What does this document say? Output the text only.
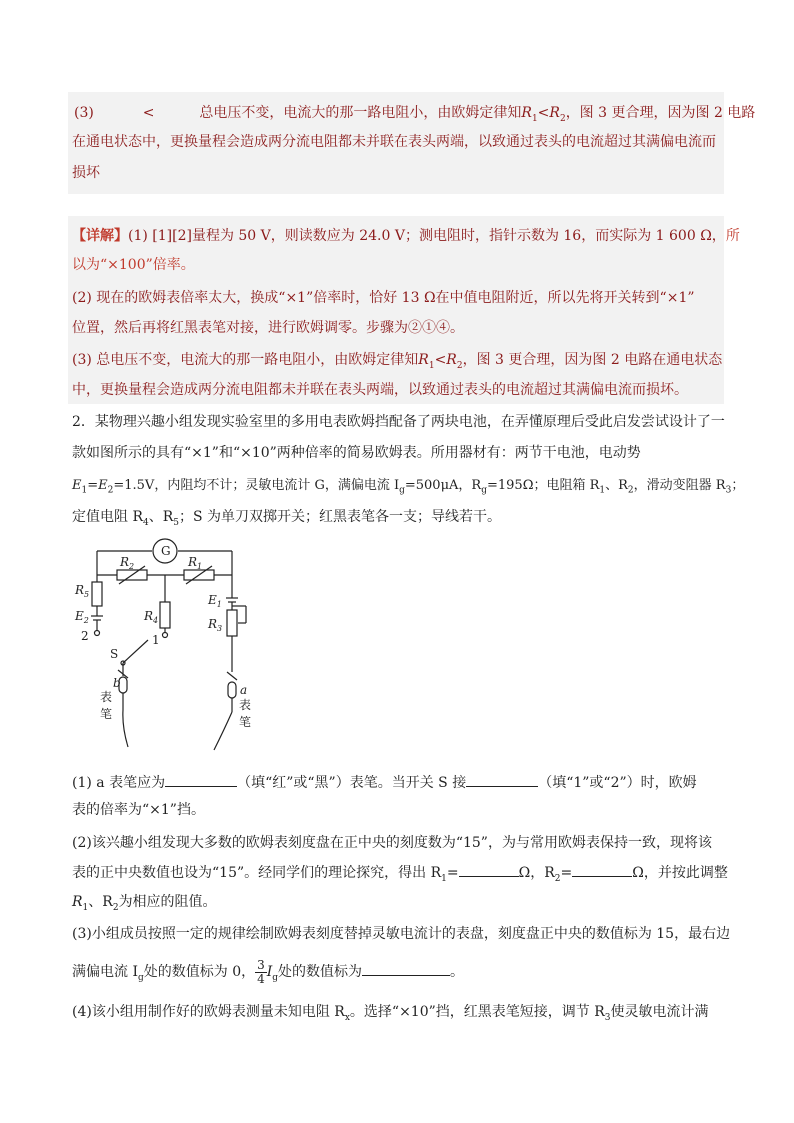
(3)	<	总电压不变，电流大的那一路电阻小，由欧姆定律知$R_1<R_2$，图 3 更合理，因为图 2 电路
在通电状态中，更换量程会造成两分流电阻都未并联在表头两端，以致通过表头的电流超过其满偏电流而
损坏
【详解】(1) [1][2]量程为 50 V，则读数应为 24.0 V；测电阻时，指针示数为 16，而实际为 1 600 Ω，所
以为“×100”倍率。
(2) 现在的欧姆表倍率太大，换成“×1”倍率时，恰好 13 Ω在中值电阻附近，所以先将开关转到“×1”
位置，然后再将红黑表笔对接，进行欧姆调零。步骤为②①④。
(3) 总电压不变，电流大的那一路电阻小，由欧姆定律知$R_1<R_2$，图 3 更合理，因为图 2 电路在通电状态
中，更换量程会造成两分流电阻都未并联在表头两端，以致通过表头的电流超过其满偏电流而损坏。
2．某物理兴趣小组发现实验室里的多用电表欧姆挡配备了两块电池，在弄懂原理后受此启发尝试设计了一
款如图所示的具有“×1”和“×10”两种倍率的简易欧姆表。所用器材有：两节干电池，电动势
$E_1=E_2=1.5V$，内阻均不计；灵敏电流计 G，满偏电流 $I_g=500\mu A$，$R_g=195\Omega$；电阻箱 $R_1$、$R_2$，滑动变阻器 $R_3$；
定值电阻 $R_4$、$R_5$；S 为单刀双掷开关；红黑表笔各一支；导线若干。
G
$R_2$	$R_1$
$R_5$
$E_2$
2
$R_4$
1
$E_1$
$R_3$
S
b
表
笔
a
表
笔
(1) a 表笔应为	（填“红”或“黑”）表笔。当开关 S 接	（填“1”或“2”）时，欧姆
表的倍率为“×1”挡。
(2)该兴趣小组发现大多数的欧姆表刻度盘在正中央的刻度数为“15”，为与常用欧姆表保持一致，现将该
表的正中央数值也设为“15”。经同学们的理论探究，得出 $R_1=$	Ω，$R_2=$	Ω，并按此调整
$R_1$、$R_2$为相应的阻值。
(3)小组成员按照一定的规律绘制欧姆表刻度替掉灵敏电流计的表盘，刻度盘正中央的数值标为 15，最右边
满偏电流 $I_g$处的数值标为 0， $\frac{3}{4} I_g$处的数值标为	。
(4)该小组用制作好的欧姆表测量未知电阻 $R_x$。选择“×10”挡，红黑表笔短接，调节 $R_3$使灵敏电流计满
